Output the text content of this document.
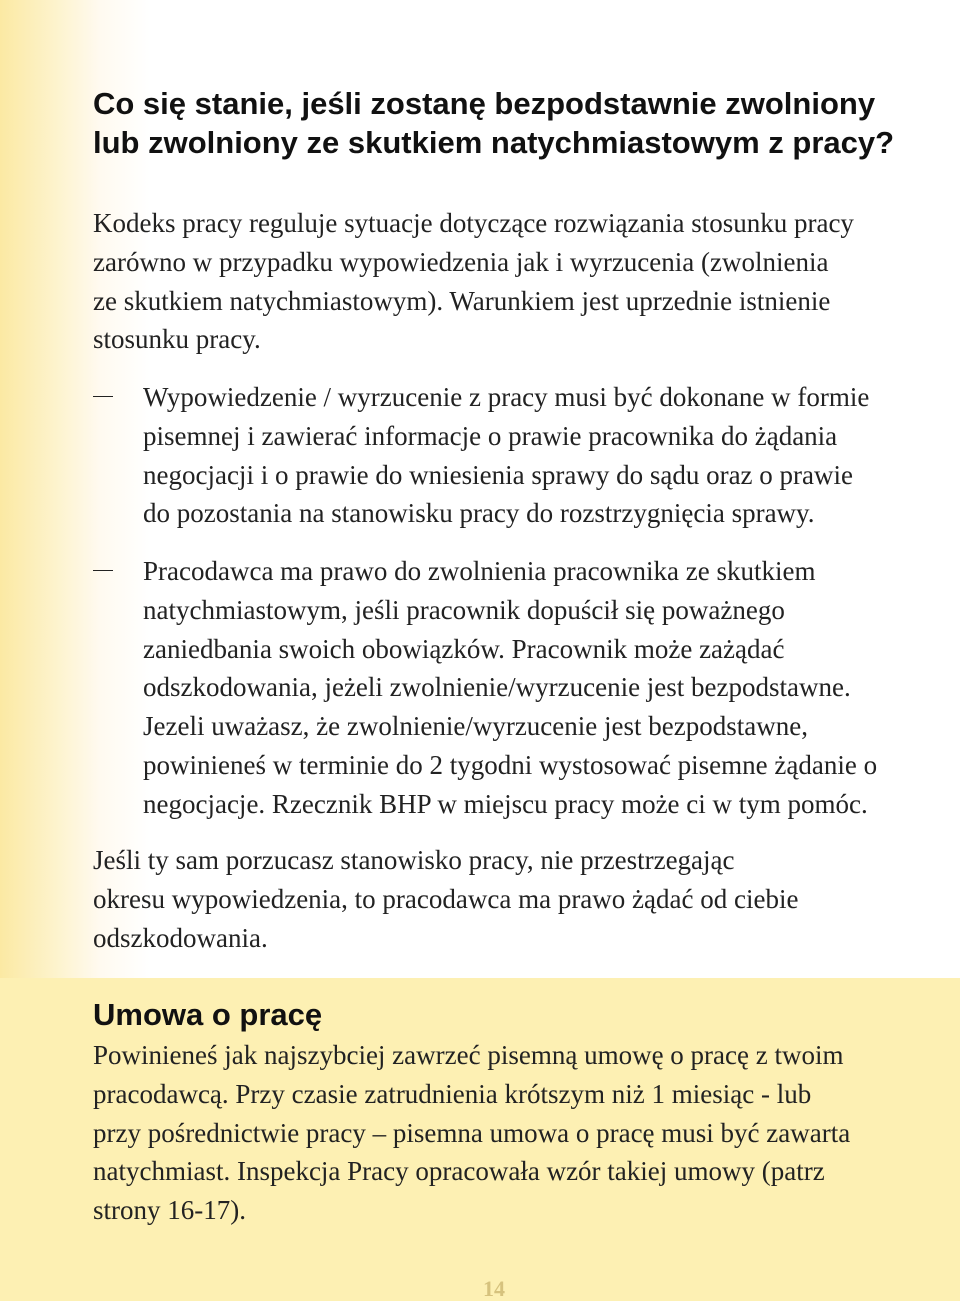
Co się stanie, jeśli zostanę bezpodstawnie zwolniony
lub zwolniony ze skutkiem natychmiastowym z pracy?

Kodeks pracy reguluje sytuacje dotyczące rozwiązania stosunku pracy
zarówno w przypadku wypowiedzenia jak i wyrzucenia (zwolnienia
ze skutkiem natychmiastowym). Warunkiem jest uprzednie istnienie
stosunku pracy.

Wypowiedzenie / wyrzucenie z pracy musi być dokonane w formie
pisemnej i zawierać informacje o prawie pracownika do żądania
negocjacji i o prawie do wniesienia sprawy do sądu oraz o prawie
do pozostania na stanowisku pracy do rozstrzygnięcia sprawy.

Pracodawca ma prawo do zwolnienia pracownika ze skutkiem
natychmiastowym, jeśli pracownik dopuścił się poważnego
zaniedbania swoich obowiązków. Pracownik może zażądać
odszkodowania, jeżeli zwolnienie/wyrzucenie jest bezpodstawne.
Jezeli uważasz, że zwolnienie/wyrzucenie jest bezpodstawne,
powinieneś w terminie do 2 tygodni wystosować pisemne żądanie o
negocjacje. Rzecznik BHP w miejscu pracy może ci w tym pomóc.

Jeśli ty sam porzucasz stanowisko pracy, nie przestrzegając
okresu wypowiedzenia, to pracodawca ma prawo żądać od ciebie
odszkodowania.

Umowa o pracę

Powinieneś jak najszybciej zawrzeć pisemną umowę o pracę z twoim
pracodawcą. Przy czasie zatrudnienia krótszym niż 1 miesiąc - lub
przy pośrednictwie pracy – pisemna umowa o pracę musi być zawarta
natychmiast. Inspekcja Pracy opracowała wzór takiej umowy (patrz
strony 16-17).

14
